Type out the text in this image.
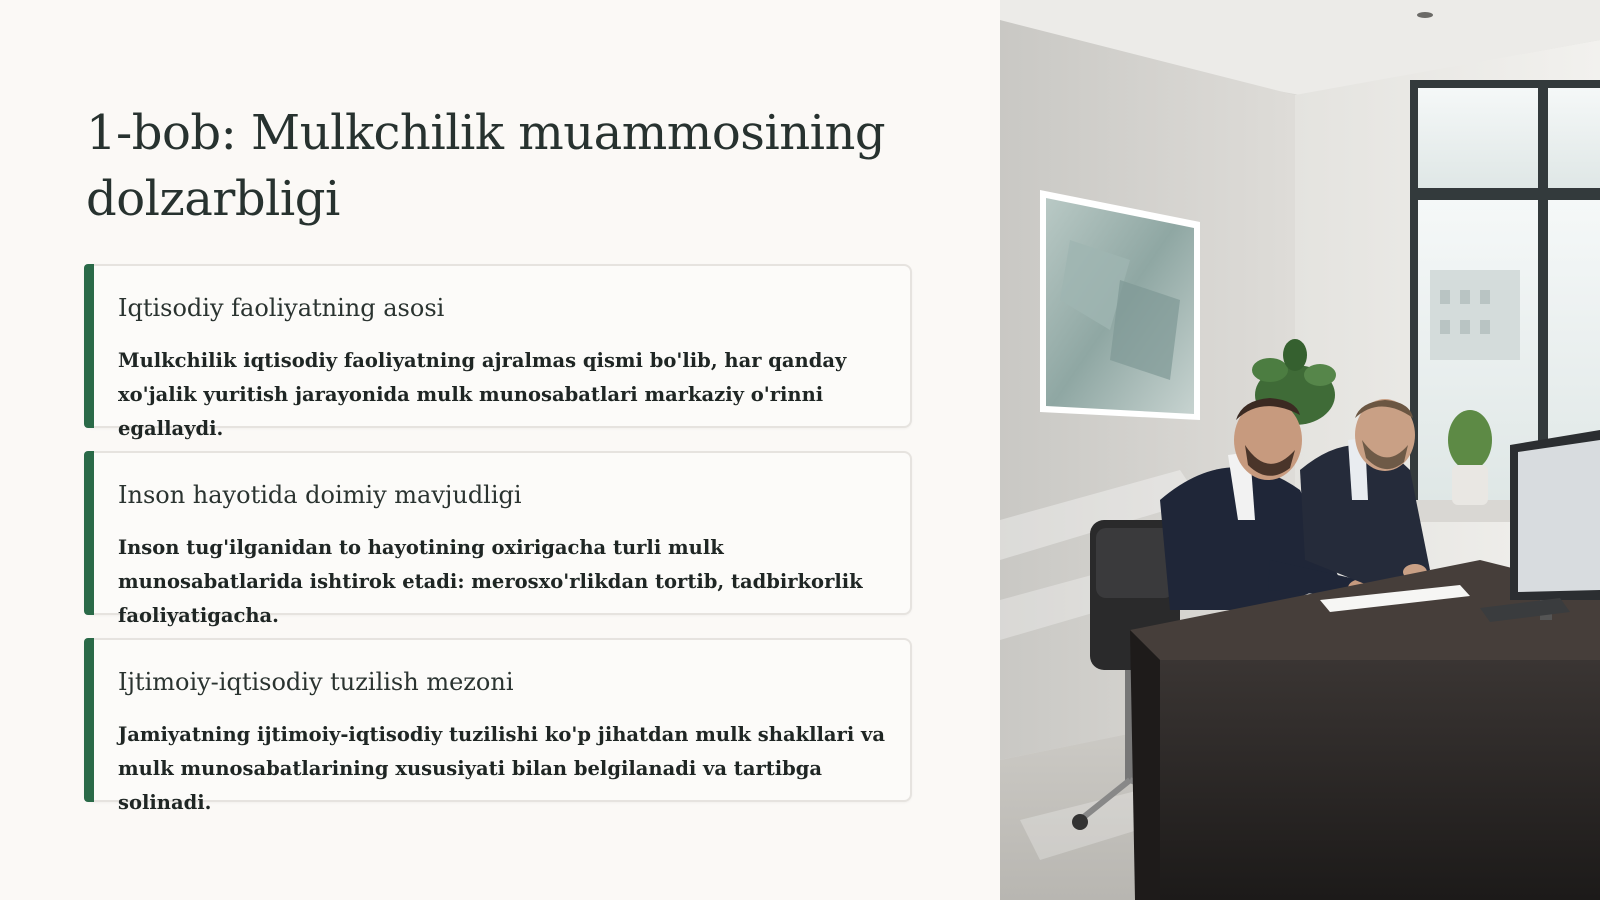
1-bob: Mulkchilik muammosining dolzarbligi
Iqtisodiy faoliyatning asosi

Mulkchilik iqtisodiy faoliyatning ajralmas qismi bo'lib, har qanday xo'jalik yuritish jarayonida mulk munosabatlari markaziy o'rinni egallaydi.

Inson hayotida doimiy mavjudligi

Inson tug'ilganidan to hayotining oxirigacha turli mulk munosabatlarida ishtirok etadi: merosxo'rlikdan tortib, tadbirkorlik faoliyatigacha.

Ijtimoiy-iqtisodiy tuzilish mezoni

Jamiyatning ijtimoiy-iqtisodiy tuzilishi ko'p jihatdan mulk shakllari va mulk munosabatlarining xususiyati bilan belgilanadi va tartibga solinadi.
